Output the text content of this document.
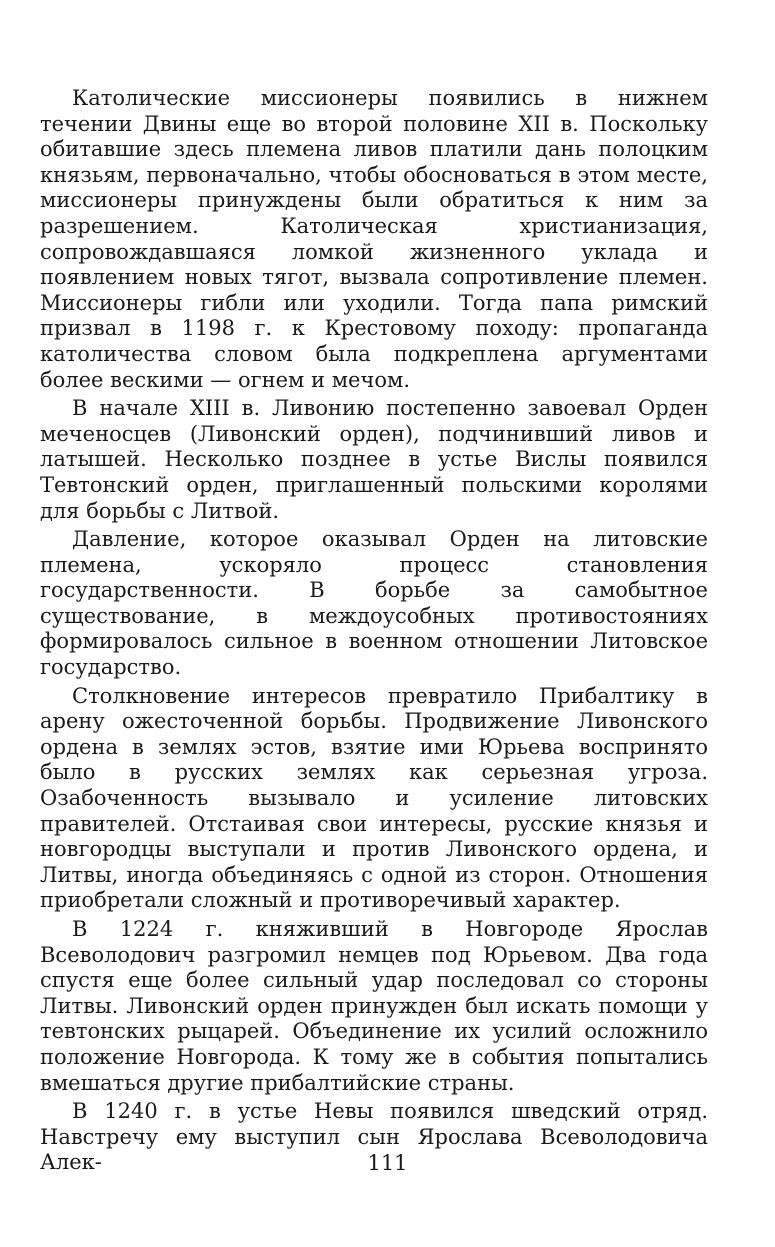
Католические миссионеры появились в нижнем течении Двины еще во второй половине XII в. Поскольку обитавшие здесь племена ливов платили дань полоцким князьям, первоначально, чтобы обосноваться в этом месте, миссионеры принуждены были обратиться к ним за разрешением. Католическая христианизация, сопровождавшаяся ломкой жизненного уклада и появлением новых тягот, вызвала сопротивление племен. Миссионеры гибли или уходили. Тогда папа римский призвал в 1198 г. к Крестовому походу: пропаганда католичества словом была подкреплена аргументами более вескими — огнем и мечом.

В начале XIII в. Ливонию постепенно завоевал Орден меченосцев (Ливонский орден), подчинивший ливов и латышей. Несколько позднее в устье Вислы появился Тевтонский орден, приглашенный польскими королями для борьбы с Литвой.

Давление, которое оказывал Орден на литовские племена, ускоряло процесс становления государственности. В борьбе за самобытное существование, в междоусобных противостояниях формировалось сильное в военном отношении Литовское государство.

Столкновение интересов превратило Прибалтику в арену ожесточенной борьбы. Продвижение Ливонского ордена в землях эстов, взятие ими Юрьева воспринято было в русских землях как серьезная угроза. Озабоченность вызывало и усиление литовских правителей. Отстаивая свои интересы, русские князья и новгородцы выступали и против Ливонского ордена, и Литвы, иногда объединяясь с одной из сторон. Отношения приобретали сложный и противоречивый характер.

В 1224 г. княживший в Новгороде Ярослав Всеволодович разгромил немцев под Юрьевом. Два года спустя еще более сильный удар последовал со стороны Литвы. Ливонский орден принужден был искать помощи у тевтонских рыцарей. Объединение их усилий осложнило положение Новгорода. К тому же в события попытались вмешаться другие прибалтийские страны.

В 1240 г. в устье Невы появился шведский отряд. Навстречу ему выступил сын Ярослава Всеволодовича Алек-	111
